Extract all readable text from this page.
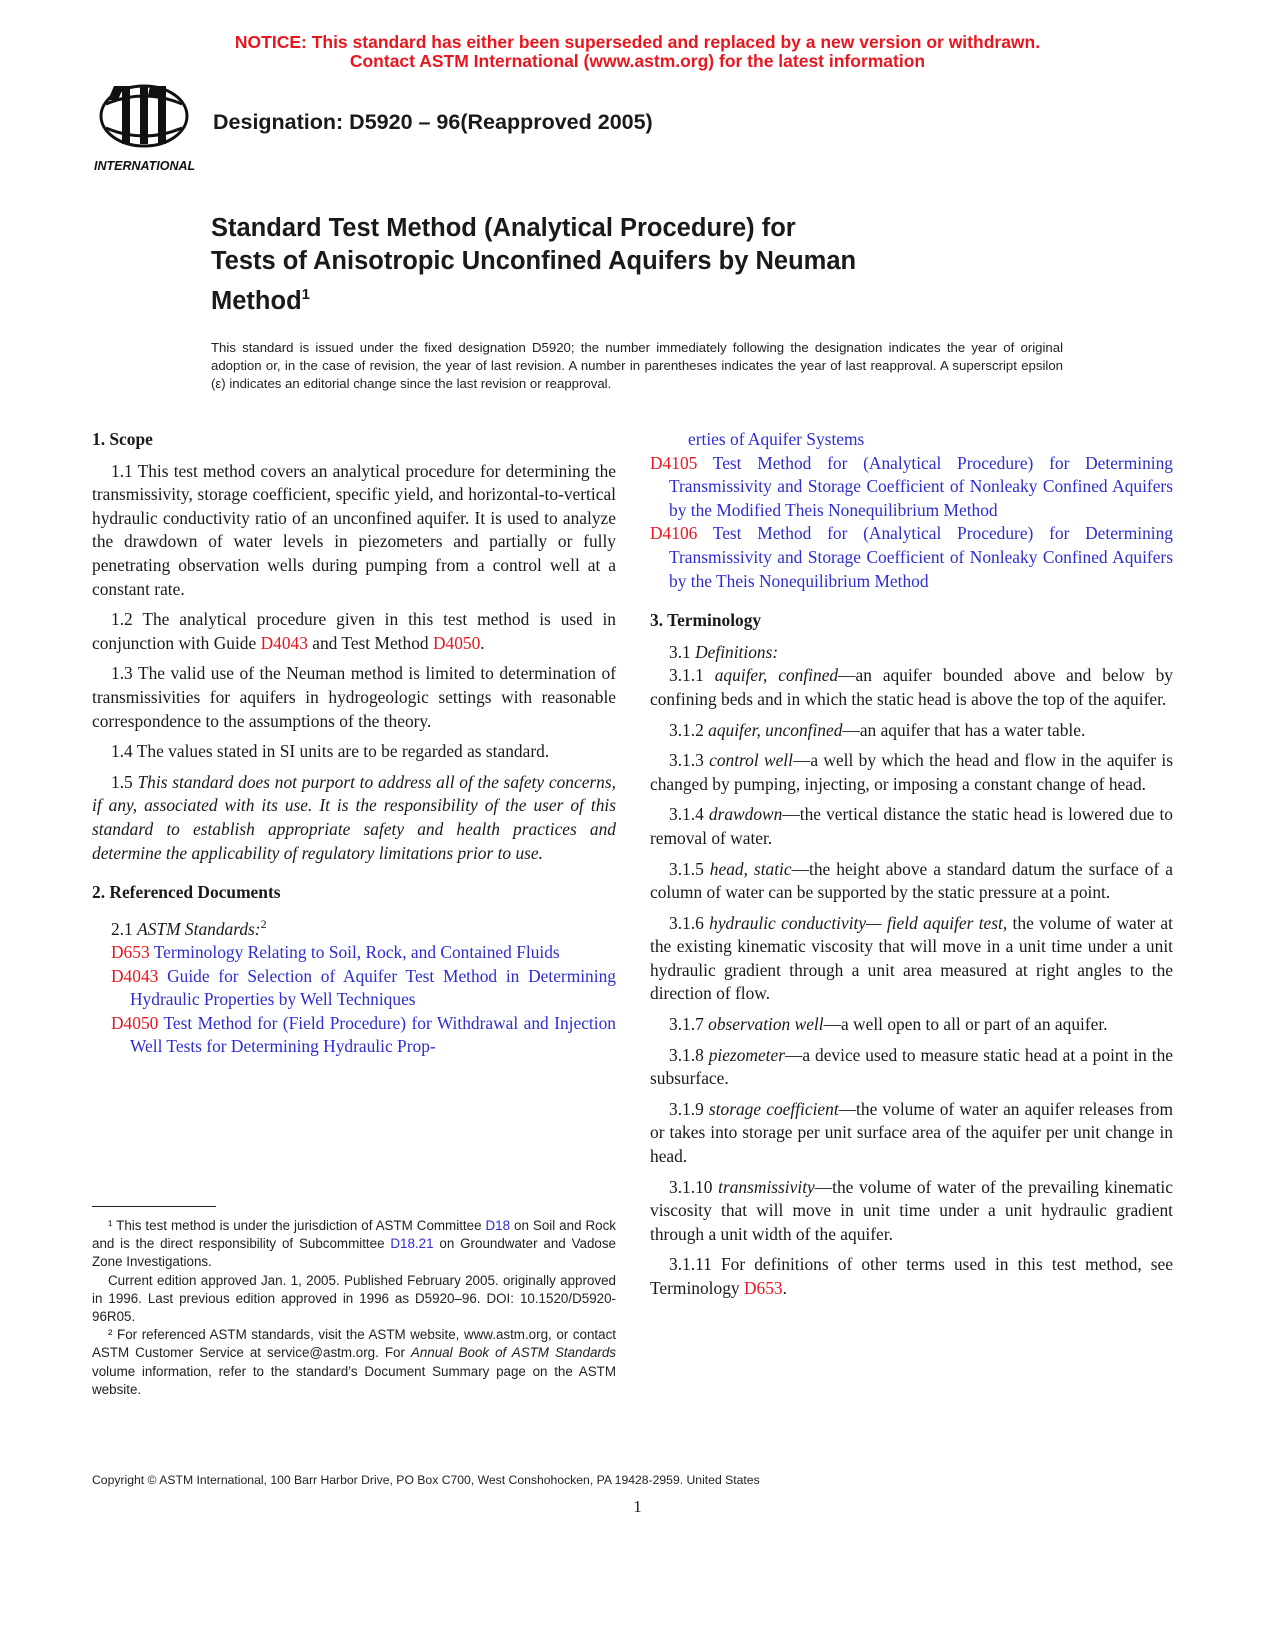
NOTICE: This standard has either been superseded and replaced by a new version or withdrawn.
Contact ASTM International (www.astm.org) for the latest information
INTERNATIONAL
Designation: D5920 – 96(Reapproved 2005)
Standard Test Method (Analytical Procedure) for
Tests of Anisotropic Unconfined Aquifers by Neuman
Method$^1$
This standard is issued under the fixed designation D5920; the number immediately following the designation indicates the year of original adoption or, in the case of revision, the year of last revision. A number in parentheses indicates the year of last reapproval. A superscript epsilon (ε) indicates an editorial change since the last revision or reapproval.
1. Scope

1.1 This test method covers an analytical procedure for determining the transmissivity, storage coefficient, specific yield, and horizontal-to-vertical hydraulic conductivity ratio of an unconfined aquifer. It is used to analyze the drawdown of water levels in piezometers and partially or fully penetrating observation wells during pumping from a control well at a constant rate.

1.2 The analytical procedure given in this test method is used in conjunction with Guide D4043 and Test Method D4050.

1.3 The valid use of the Neuman method is limited to determination of transmissivities for aquifers in hydrogeologic settings with reasonable correspondence to the assumptions of the theory.

1.4 The values stated in SI units are to be regarded as standard.

1.5 This standard does not purport to address all of the safety concerns, if any, associated with its use. It is the responsibility of the user of this standard to establish appropriate safety and health practices and determine the applicability of regulatory limitations prior to use.

2. Referenced Documents

2.1 ASTM Standards:$^2$

D653 Terminology Relating to Soil, Rock, and Contained Fluids

D4043 Guide for Selection of Aquifer Test Method in Determining Hydraulic Properties by Well Techniques

D4050 Test Method for (Field Procedure) for Withdrawal and Injection Well Tests for Determining Hydraulic Prop-

¹ This test method is under the jurisdiction of ASTM Committee D18 on Soil and Rock and is the direct responsibility of Subcommittee D18.21 on Groundwater and Vadose Zone Investigations.

Current edition approved Jan. 1, 2005. Published February 2005. originally approved in 1996. Last previous edition approved in 1996 as D5920–96. DOI: 10.1520/D5920-96R05.

² For referenced ASTM standards, visit the ASTM website, www.astm.org, or contact ASTM Customer Service at service@astm.org. For Annual Book of ASTM Standards volume information, refer to the standard’s Document Summary page on the ASTM website.

erties of Aquifer Systems

D4105 Test Method for (Analytical Procedure) for Determining Transmissivity and Storage Coefficient of Nonleaky Confined Aquifers by the Modified Theis Nonequilibrium Method

D4106 Test Method for (Analytical Procedure) for Determining Transmissivity and Storage Coefficient of Nonleaky Confined Aquifers by the Theis Nonequilibrium Method

3. Terminology

3.1 Definitions:

3.1.1 aquifer, confined—an aquifer bounded above and below by confining beds and in which the static head is above the top of the aquifer.

3.1.2 aquifer, unconfined—an aquifer that has a water table.

3.1.3 control well—a well by which the head and flow in the aquifer is changed by pumping, injecting, or imposing a constant change of head.

3.1.4 drawdown—the vertical distance the static head is lowered due to removal of water.

3.1.5 head, static—the height above a standard datum the surface of a column of water can be supported by the static pressure at a point.

3.1.6 hydraulic conductivity— field aquifer test, the volume of water at the existing kinematic viscosity that will move in a unit time under a unit hydraulic gradient through a unit area measured at right angles to the direction of flow.

3.1.7 observation well—a well open to all or part of an aquifer.

3.1.8 piezometer—a device used to measure static head at a point in the subsurface.

3.1.9 storage coefficient—the volume of water an aquifer releases from or takes into storage per unit surface area of the aquifer per unit change in head.

3.1.10 transmissivity—the volume of water of the prevailing kinematic viscosity that will move in unit time under a unit hydraulic gradient through a unit width of the aquifer.

3.1.11 For definitions of other terms used in this test method, see Terminology D653.

Copyright © ASTM International, 100 Barr Harbor Drive, PO Box C700, West Conshohocken, PA 19428-2959. United States
1
